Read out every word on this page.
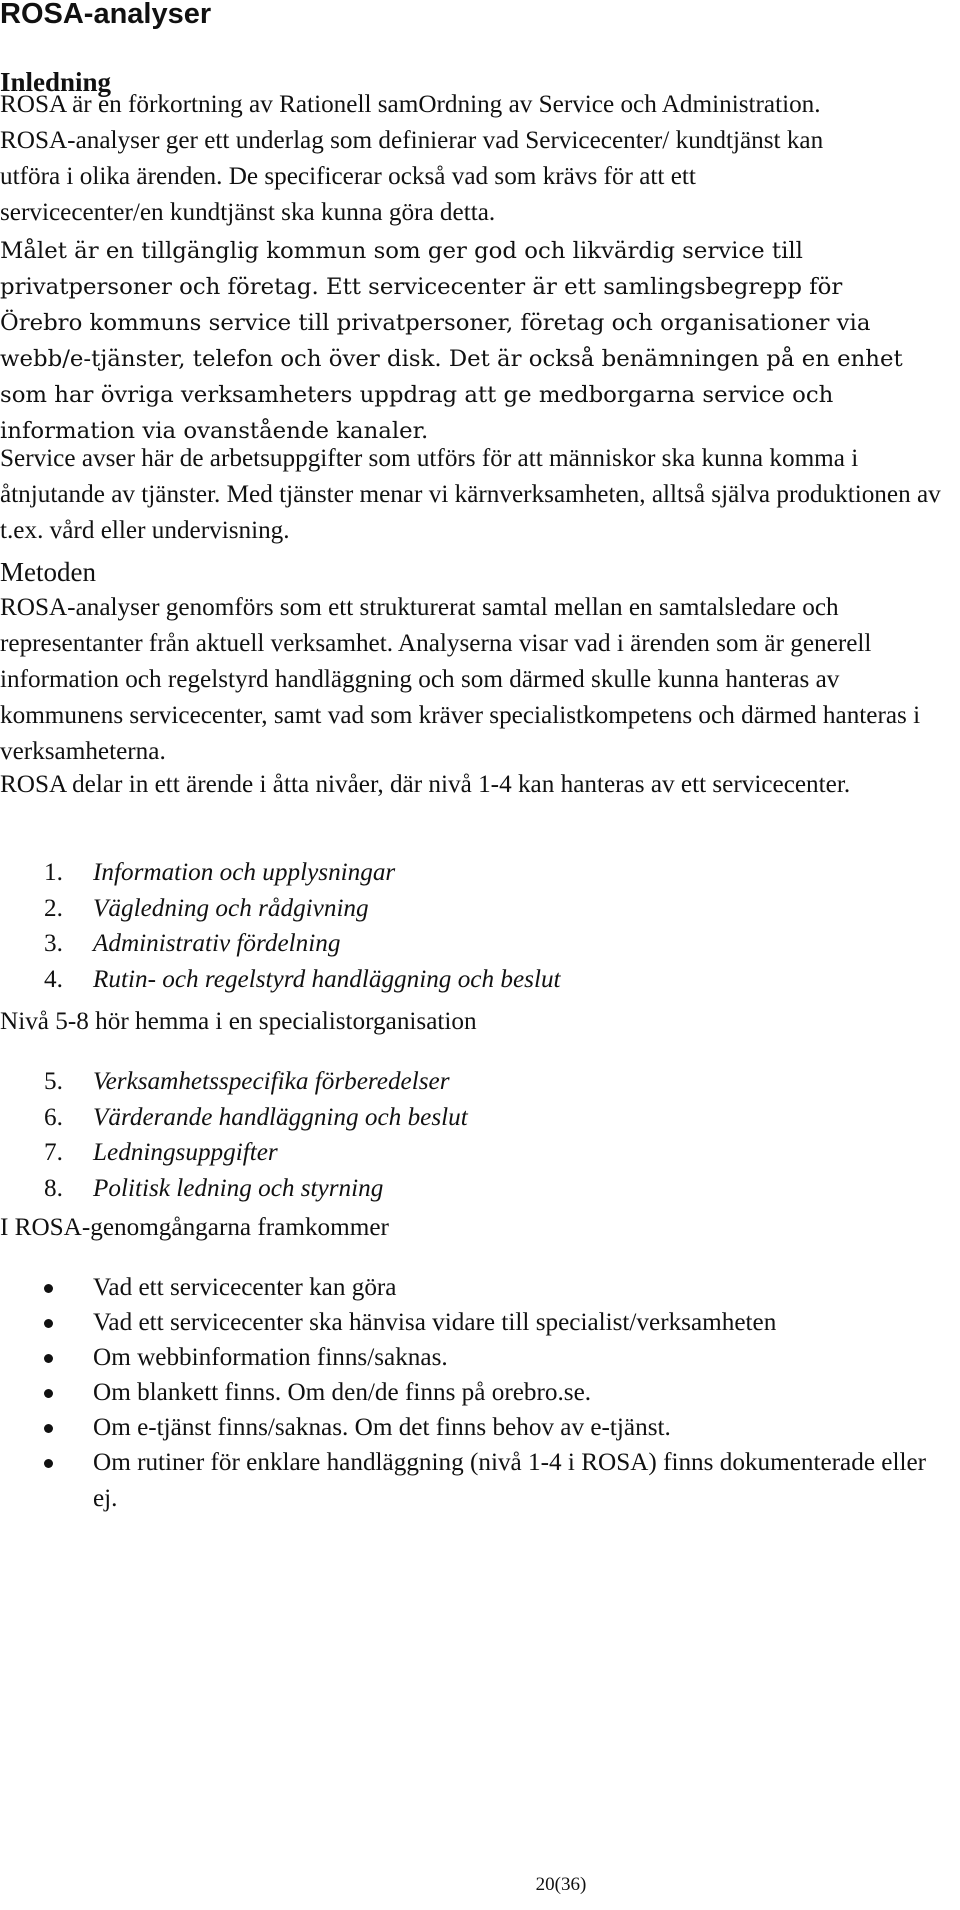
ROSA-analyser
Inledning

ROSA är en förkortning av Rationell samOrdning av Service och Administration. ROSA-analyser ger ett underlag som definierar vad Servicecenter/ kundtjänst kan utföra i olika ärenden. De specificerar också vad som krävs för att ett servicecenter/en kundtjänst ska kunna göra detta.

Målet är en tillgänglig kommun som ger god och likvärdig service till privatpersoner och företag. Ett servicecenter är ett samlingsbegrepp för Örebro kommuns service till privatpersoner, företag och organisationer via webb/e-tjänster, telefon och över disk. Det är också benämningen på en enhet som har övriga verksamheters uppdrag att ge medborgarna service och information via ovanstående kanaler.

Service avser här de arbetsuppgifter som utförs för att människor ska kunna komma i åtnjutande av tjänster. Med tjänster menar vi kärnverksamheten, alltså själva produktionen av t.ex. vård eller undervisning.

Metoden

ROSA-analyser genomförs som ett strukturerat samtal mellan en samtalsledare och representanter från aktuell verksamhet. Analyserna visar vad i ärenden som är generell information och regelstyrd handläggning och som därmed skulle kunna hanteras av kommunens servicecenter, samt vad som kräver specialistkompetens och därmed hanteras i verksamheterna.

ROSA delar in ett ärende i åtta nivåer, där nivå 1-4 kan hanteras av ett servicecenter.

1. Information och upplysningar
2. Vägledning och rådgivning
3. Administrativ fördelning
4. Rutin- och regelstyrd handläggning och beslut

Nivå 5-8 hör hemma i en specialistorganisation

5. Verksamhetsspecifika förberedelser
6. Värderande handläggning och beslut
7. Ledningsuppgifter
8. Politisk ledning och styrning

I ROSA-genomgångarna framkommer

Vad ett servicecenter kan göra
Vad ett servicecenter ska hänvisa vidare till specialist/verksamheten
Om webbinformation finns/saknas.
Om blankett finns. Om den/de finns på orebro.se.
Om e-tjänst finns/saknas. Om det finns behov av e-tjänst.
Om rutiner för enklare handläggning (nivå 1-4 i ROSA) finns dokumenterade eller ej.

20(36)
